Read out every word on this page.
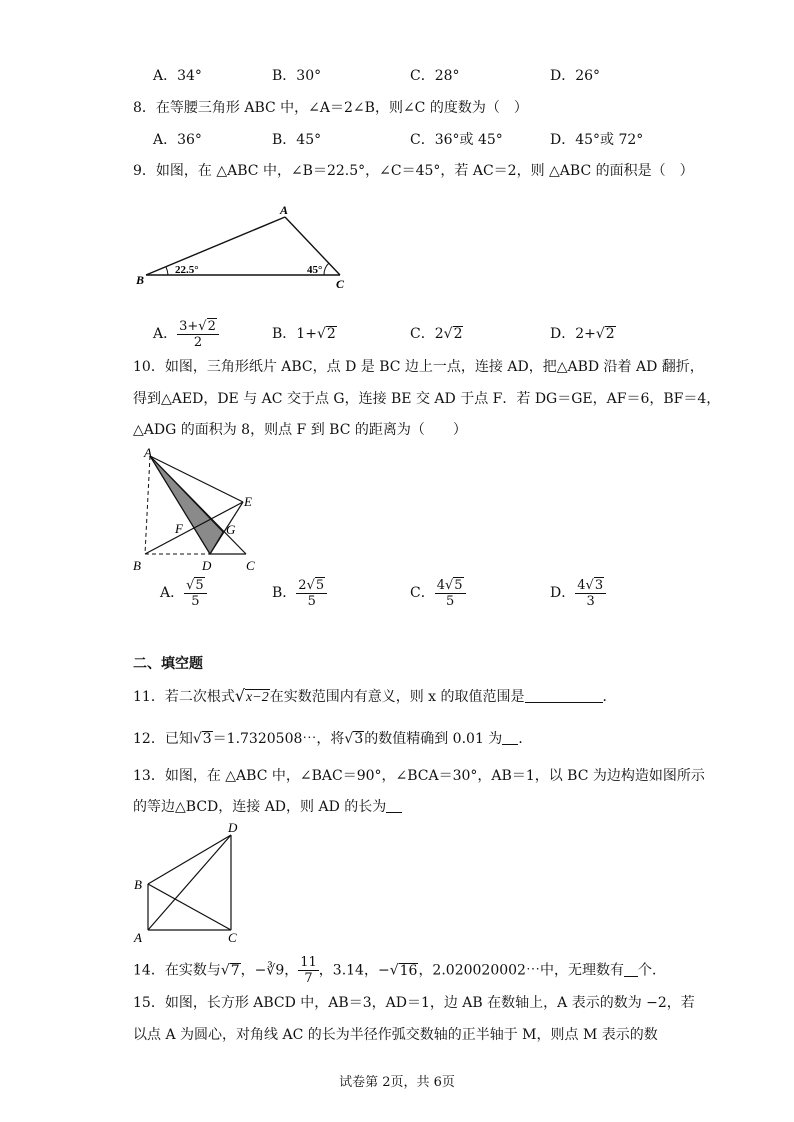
A．34°	B．30°	C．28°	D．26°
8．在等腰三角形 ABC 中，∠A＝2∠B，则∠C 的度数为（　）
A．36°	B．45°	C．36°或 45°	D．45°或 72°
9．如图，在 △ABC 中，∠B＝22.5°，∠C＝45°，若 AC＝2，则 △ABC 的面积是（　）
A
B	C
22.5°	45°
A． $\frac{3+√2}{2}$	B．1+√2	C．2√2	D．2+√2
10．如图，三角形纸片 ABC，点 D 是 BC 边上一点，连接 AD，把△ABD 沿着 AD 翻折，
得到△AED，DE 与 AC 交于点 G，连接 BE 交 AD 于点 F．若 DG＝GE，AF＝6，BF＝4，
△ADG 的面积为 8，则点 F 到 BC 的距离为（　　）
A
B	C
D
E
F	G
A． $\frac{√5}{5}$	B． $\frac{2√5}{5}$	C． $\frac{4√5}{5}$	D． $\frac{4√3}{3}$
二、填空题
11．若二次根式√x−2在实数范围内有意义，则 x 的取值范围是	．
12．已知√3＝1.7320508⋯，将√3的数值精确到 0.01 为 ．
13．如图，在 △ABC 中，∠BAC＝90°，∠BCA＝30°，AB＝1，以 BC 为边构造如图所示
的等边△BCD，连接 AD，则 AD 的长为
A
B
C
D
14．在实数与√7，−∛9， $\frac{11}{7}$ ，3.14，−√16，2.020020002⋯中，无理数有 个．
15．如图，长方形 ABCD 中，AB＝3，AD＝1，边 AB 在数轴上，A 表示的数为 −2，若
以点 A 为圆心，对角线 AC 的长为半径作弧交数轴的正半轴于 M，则点 M 表示的数
试卷第 2页，共 6页
